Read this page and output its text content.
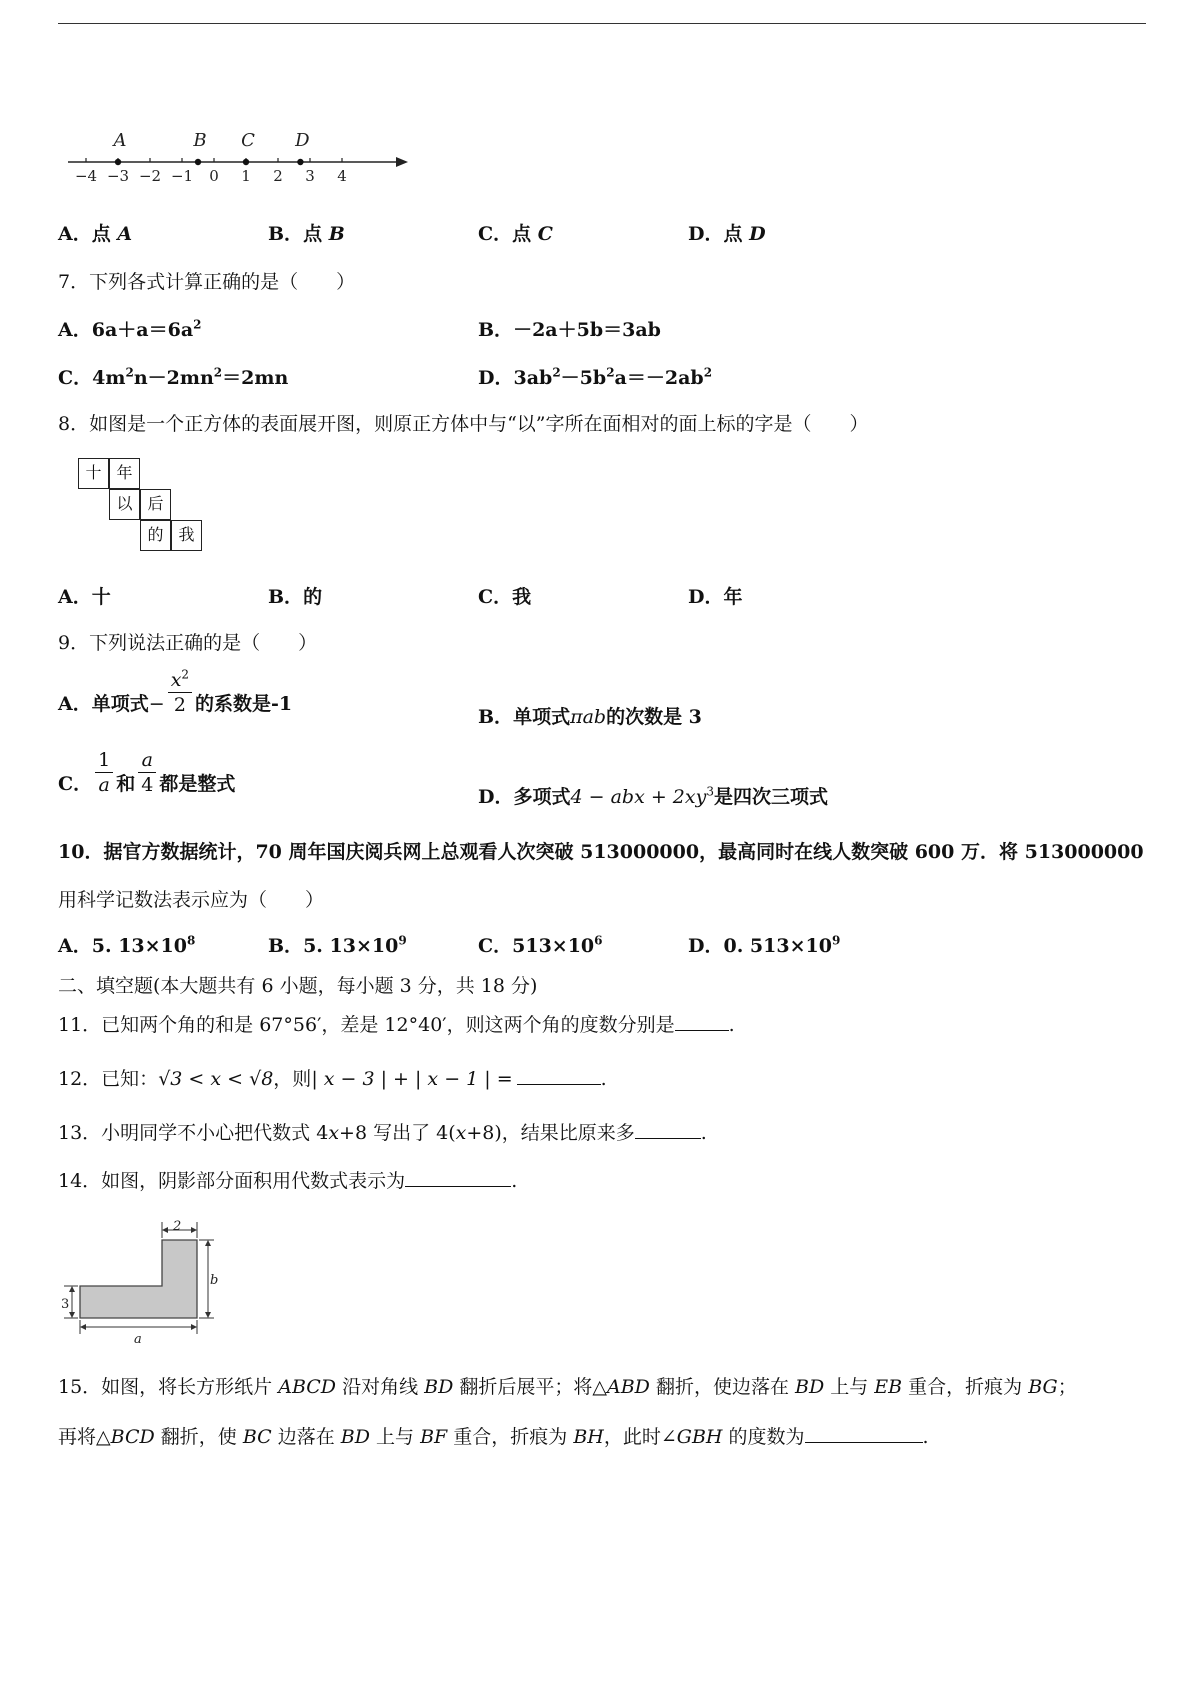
−4 −3 −2 −1 0 1 2 3 4
A	B C D
A．点 A	B．点 B	C．点 C	D．点 D
7．下列各式计算正确的是（　　）
A．$6a+a=6a^2$	B．－2a＋5b＝3ab
C．$4m^2n-2mn^2=2mn$	D．$3ab^2-5b^2a=-2ab^2$
8．如图是一个正方体的表面展开图，则原正方体中与“以”字所在面相对的面上标的字是（　　）
十 年
以 后
的 我
A．十	B．的	C．我	D．年
9．下列说法正确的是（　　）
A．单项式− $\frac{x^2}{2}$ 的系数是-1
B．单项式πab的次数是 3
C． $\frac{1}{a}$ 和 $\frac{a}{4}$ 都是整式
D．多项式4 − abx + $2xy^3$是四次三项式
10．据官方数据统计，70 周年国庆阅兵网上总观看人次突破 513000000，最高同时在线人数突破 600 万．将 513000000
用科学记数法表示应为（　　）
A．5. $13\times 10^8$	B．5. $13\times 10^9$	C．$513\times 10^6$	D．0. $513\times 10^9$
二、填空题(本大题共有 6 小题，每小题 3 分，共 18 分)
11．已知两个角的和是 67°56′，差是 12°40′，则这两个角的度数分别是	.
12．已知：√3 < x < √8，则| x − 3 | + | x − 1 | =	.
13．小明同学不小心把代数式 4x+8 写出了 4(x+8)，结果比原来多	.
14．如图，阴影部分面积用代数式表示为	.
2
3
b
a
15．如图，将长方形纸片 ABCD 沿对角线 BD 翻折后展平；将△ABD 翻折，使边落在 BD 上与 EB 重合，折痕为 BG；
再将△BCD 翻折，使 BC 边落在 BD 上与 BF 重合，折痕为 BH，此时∠GBH 的度数为	.
